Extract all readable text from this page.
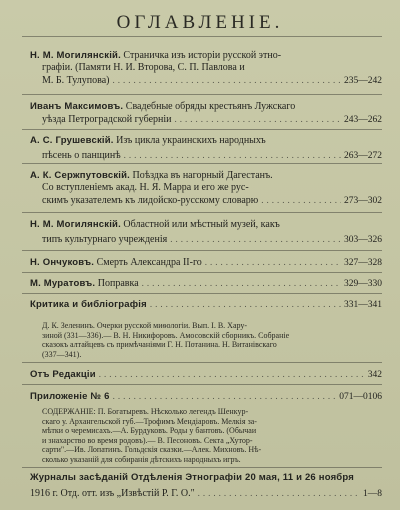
ОГЛАВЛЕНІЕ.
Н. М. Могилянскій. Страничка изъ исторіи русской этно-
графіи. (Памяти Н. И. Второва, С. П. Павлова и
М. Б. Тулупова) .....	235—242
Иванъ Максимовъ. Свадебные обряды крестьянъ Лужскаго
уѣзда Петроградской губерніи .....	243—262
А. С. Грушевскій. Изъ цикла украинскихъ народныхъ
пѣсень о панщинѣ .....	263—272
А. К. Сержпутовскій. Поѣздка въ нагорный Дагестанъ.
Со вступленіемъ акад. Н. Я. Марра и его же рус-
скимъ указателемъ къ лидойско-русскому словарю .....	273—302
Н. М. Могилянскій. Областной или мѣстный музей, какъ
типъ культурнаго учрежденія .....	303—326
Н. Ончуковъ. Смерть Александра II-го .....	327—328
М. Муратовъ. Поправка .....	329—330
Критика и библіографія .....	331—341
Д. К. Зеленинъ. Очерки русской миѳологіи. Вып. I. В. Хару-
зиной (331—336).— В. Н. Никифоровъ. Амосовскій сборникъ. Собраніе
сказокъ алтайцевъ съ примѣчаніями Г. Н. Потанина. Н. Витанівскаго
(337—341).
Отъ Редакціи .....	342
Приложеніе № 6 .....	071—0106
СОДЕРЖАНІЕ: П. Богатыревъ. Нѣсколько легендъ Шенкур-
скаго у. Архангельской губ.—Трофимъ Мендіаровъ. Мелкія за-
мѣтки о черемисахъ.—А. Бурдуковъ. Роды у бантовъ. (Обычаи
и знахарство во время родовъ).— В. Песоновъ. Секта „Хутор-
сарти".—Ив. Лопатинъ. Гольдскія сказки.—Алек. Михновъ. Нѣ-
сколько указаній для собиранія дѣтскихъ народныхъ игръ.
Журналы засѣданій Отдѣленія Этнографіи 20 мая, 11 и 26 ноября
1916 г. Отд. отт. изъ „Извѣстій Р. Г. О." .....	1—8
